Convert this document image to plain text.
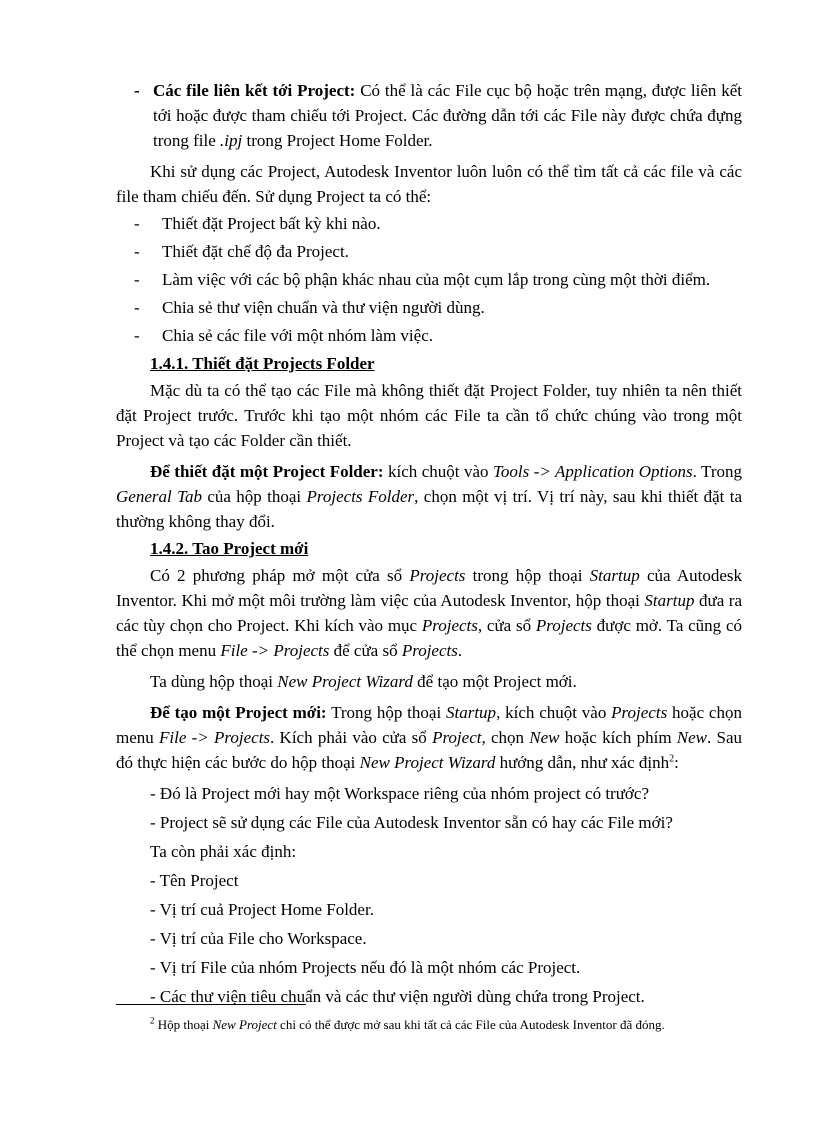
- Các file liên kết tới Project: Có thể là các File cục bộ hoặc trên mạng, được liên kết tới hoặc được tham chiếu tới Project. Các đường dẫn tới các File này được chứa đựng trong file .ipj trong Project Home Folder.

Khi sử dụng các Project, Autodesk Inventor luôn luôn có thể tìm tất cả các file và các file tham chiếu đến. Sử dụng Project ta có thể:

- Thiết đặt Project bất kỳ khi nào.
- Thiết đặt chế độ đa Project.
- Làm việc với các bộ phận khác nhau của một cụm lắp trong cùng một thời điểm.
- Chia sẻ thư viện chuẩn và thư viện người dùng.
- Chia sẻ các file với một nhóm làm việc.

1.4.1. Thiết đặt Projects Folder

Mặc dù ta có thể tạo các File mà không thiết đặt Project Folder, tuy nhiên ta nên thiết đặt Project trước. Trước khi tạo một nhóm các File ta cần tổ chức chúng vào trong một Project và tạo các Folder cần thiết.

Để thiết đặt một Project Folder: kích chuột vào Tools -> Application Options. Trong General Tab của hộp thoại Projects Folder, chọn một vị trí. Vị trí này, sau khi thiết đặt ta thường không thay đổi.

1.4.2. Tao Project mới

Có 2 phương pháp mở một cửa sổ Projects trong hộp thoại Startup của Autodesk Inventor. Khi mở một môi trường làm việc của Autodesk Inventor, hộp thoại Startup đưa ra các tùy chọn cho Project. Khi kích vào mục Projects, cửa sổ Projects được mở. Ta cũng có thể chọn menu File -> Projects để cửa sổ Projects.

Ta dùng hộp thoại New Project Wizard để tạo một Project mới.

Để tạo một Project mới: Trong hộp thoại Startup, kích chuột vào Projects hoặc chọn menu File -> Projects. Kích phải vào cửa sổ Project, chọn New hoặc kích phím New. Sau đó thực hiện các bước do hộp thoại New Project Wizard hướng dẫn, như xác định$^2$:

- Đó là Project mới hay một Workspace riêng của nhóm project có trước?

- Project sẽ sử dụng các File của Autodesk Inventor sẵn có hay các File mới?

Ta còn phải xác định:

- Tên Project

- Vị trí cuả Project Home Folder.

- Vị trí của File cho Workspace.

- Vị trí File của nhóm Projects nếu đó là một nhóm các Project.

- Các thư viện tiêu chuẩn và các thư viện người dùng chứa trong Project.

$^2$ Hộp thoại New Project chỉ có thể được mở sau khi tất cả các File của Autodesk Inventor đã đóng.
